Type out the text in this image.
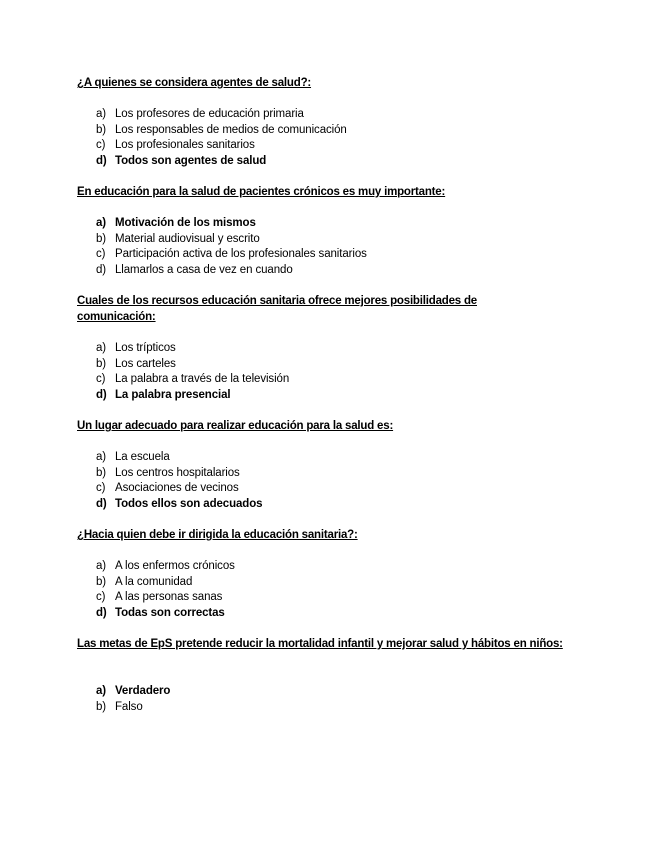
¿A quienes se considera agentes de salud?:
a) Los profesores de educación primaria
b) Los responsables de medios de comunicación
c) Los profesionales sanitarios
d) Todos son agentes de salud
En educación para la salud de pacientes crónicos es muy importante:
a) Motivación de los mismos
b) Material audiovisual y escrito
c) Participación activa de los profesionales sanitarios
d) Llamarlos a casa de vez en cuando
Cuales de los recursos educación sanitaria ofrece mejores posibilidades de comunicación:
a) Los trípticos
b) Los carteles
c) La palabra a través de la televisión
d) La palabra presencial
Un lugar adecuado para realizar educación para la salud es:
a) La escuela
b) Los centros hospitalarios
c) Asociaciones de vecinos
d) Todos ellos son adecuados
¿Hacia quien debe ir dirigida la educación sanitaria?:
a) A los enfermos crónicos
b) A la comunidad
c) A las personas sanas
d) Todas son correctas
Las metas de EpS pretende reducir la mortalidad infantil y mejorar salud y hábitos en niños:
a) Verdadero
b) Falso
